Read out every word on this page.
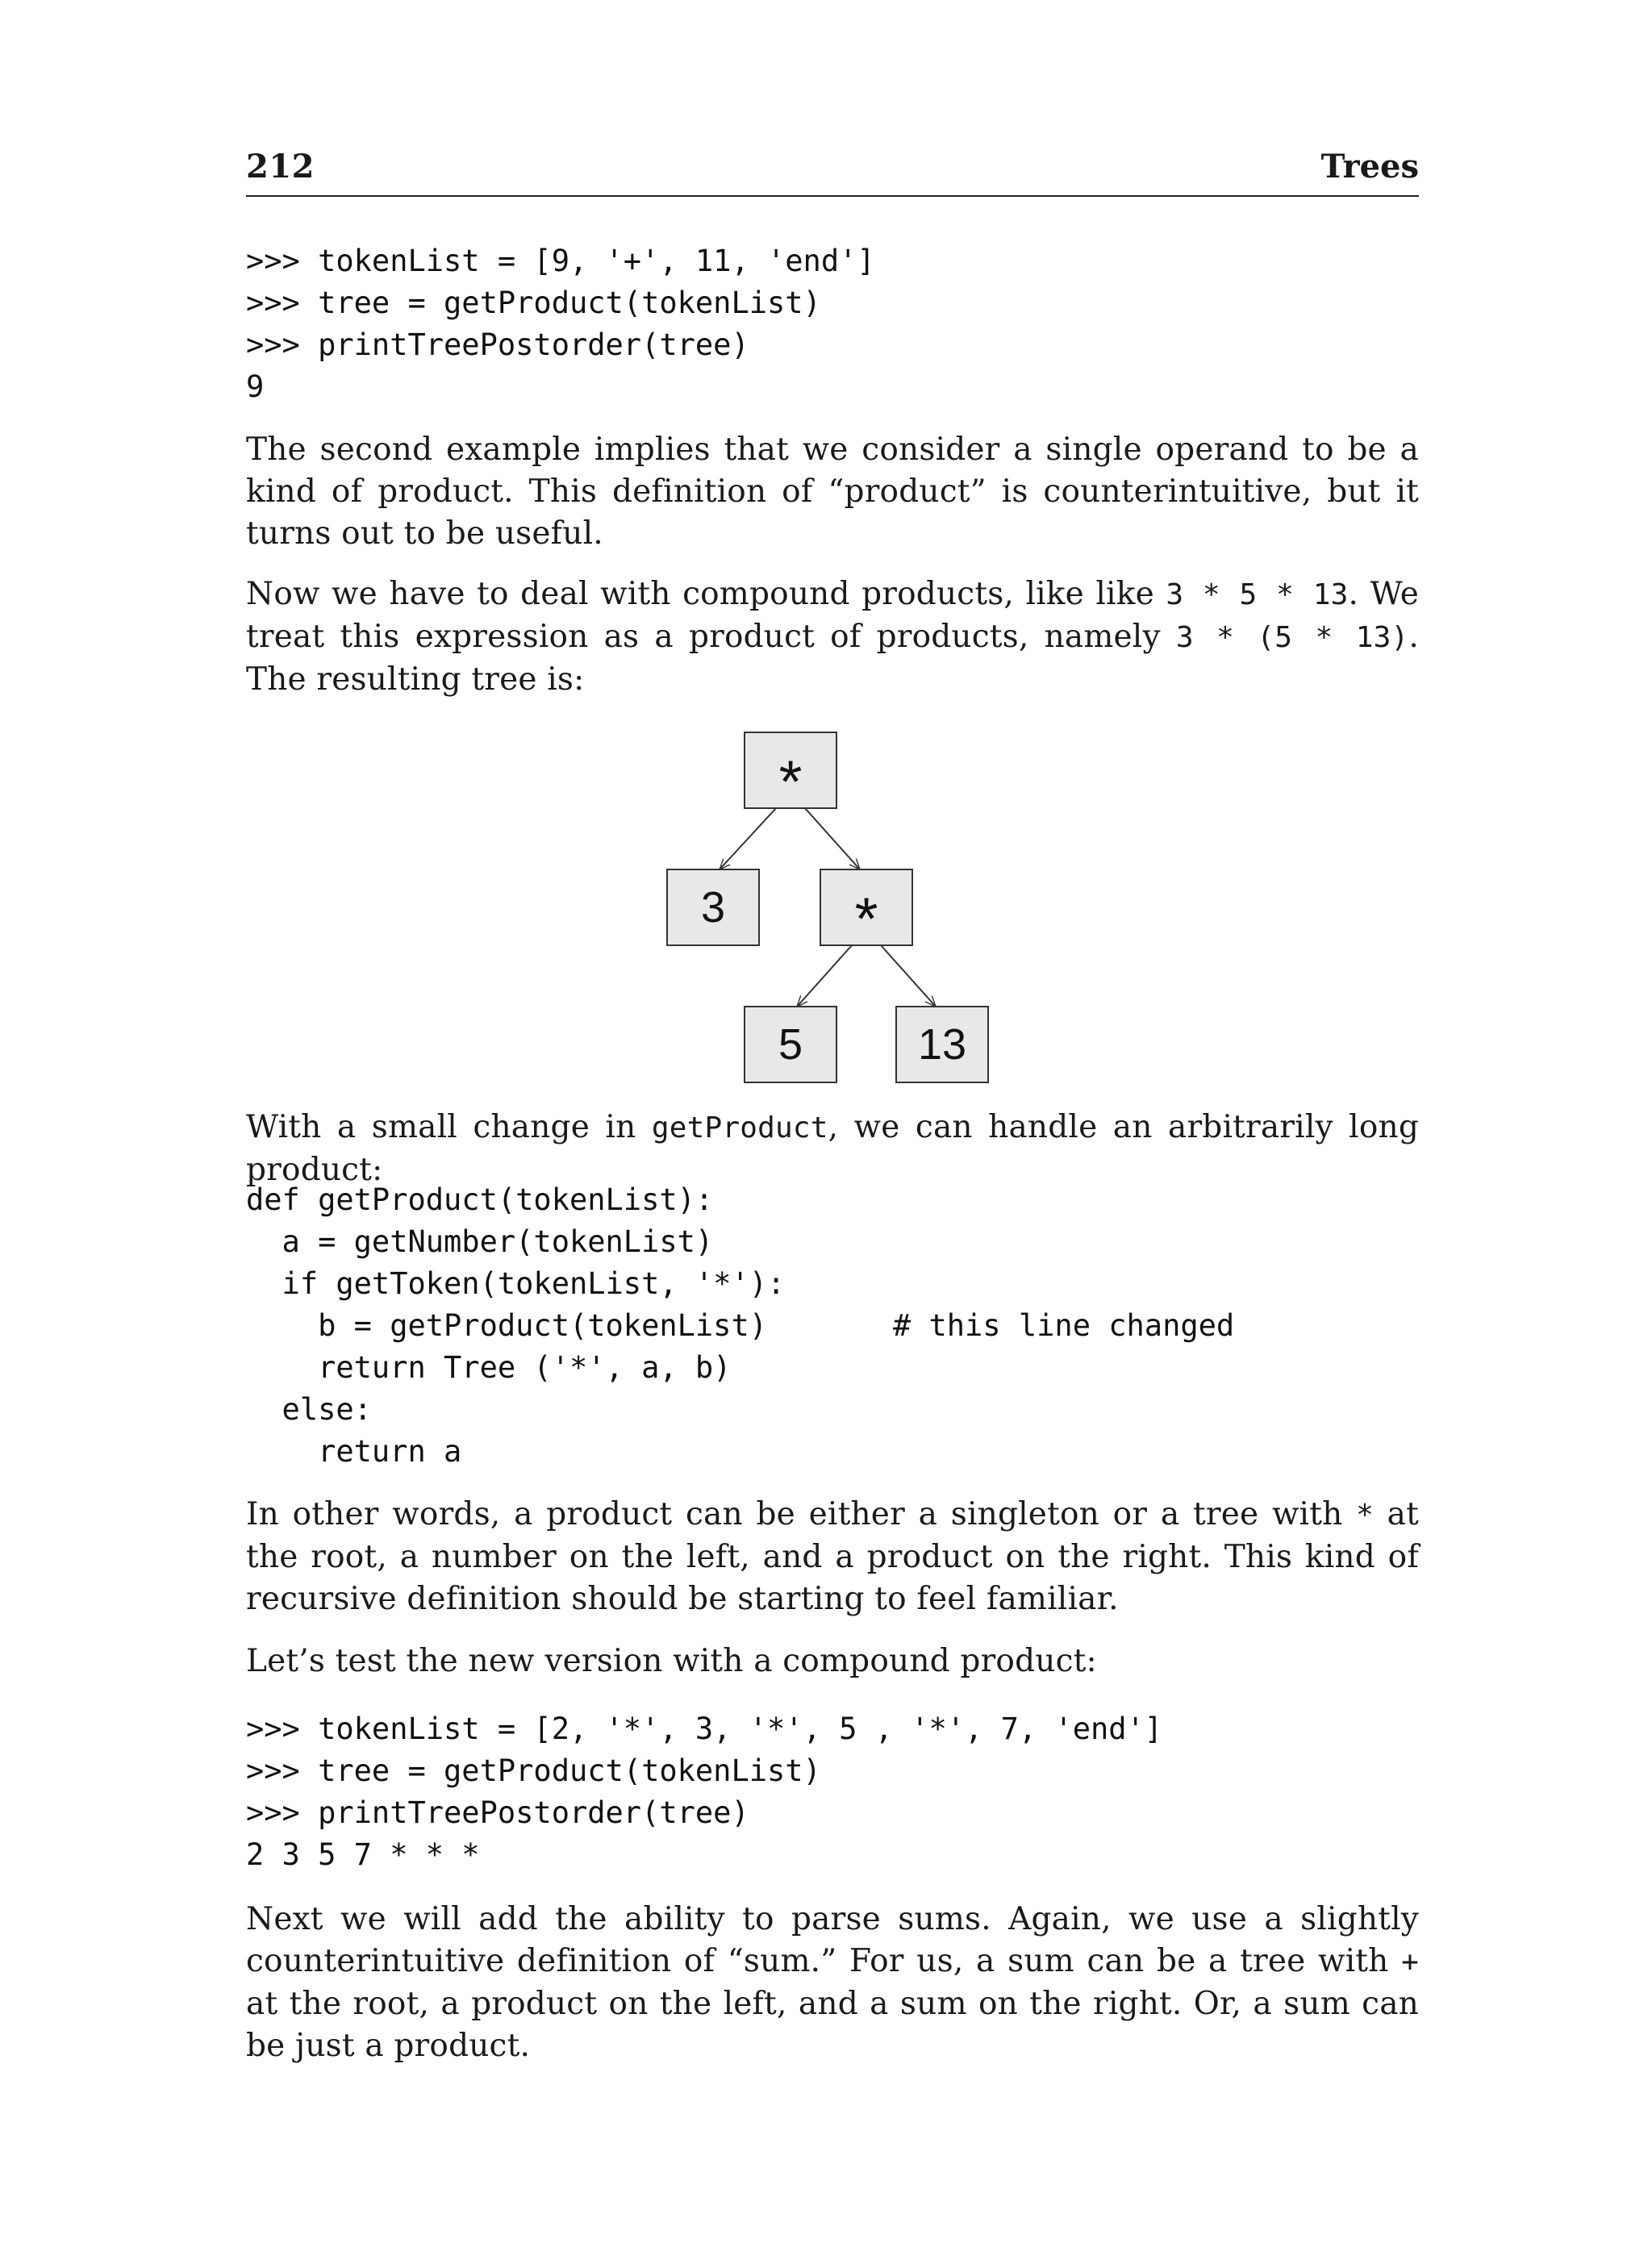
212	Trees
>>> tokenList = [9, '+', 11, 'end']
>>> tree = getProduct(tokenList)
>>> printTreePostorder(tree)
9

The second example implies that we consider a single operand to be a kind of product. This definition of “product” is counterintuitive, but it turns out to be useful.

Now we have to deal with compound products, like like 3 * 5 * 13. We treat this expression as a product of products, namely 3 * (5 * 13). The resulting tree is:

*
3 *
5	13

With a small change in getProduct, we can handle an arbitrarily long product:

def getProduct(tokenList):
a = getNumber(tokenList)
if getToken(tokenList, '*'):
b = getProduct(tokenList)       # this line changed
return Tree ('*', a, b)
else:
return a

In other words, a product can be either a singleton or a tree with * at the root, a number on the left, and a product on the right. This kind of recursive definition should be starting to feel familiar.

Let’s test the new version with a compound product:

>>> tokenList = [2, '*', 3, '*', 5 , '*', 7, 'end']
>>> tree = getProduct(tokenList)
>>> printTreePostorder(tree)
2 3 5 7 * * *

Next we will add the ability to parse sums. Again, we use a slightly counterintuitive definition of “sum.” For us, a sum can be a tree with + at the root, a product on the left, and a sum on the right. Or, a sum can be just a product.
